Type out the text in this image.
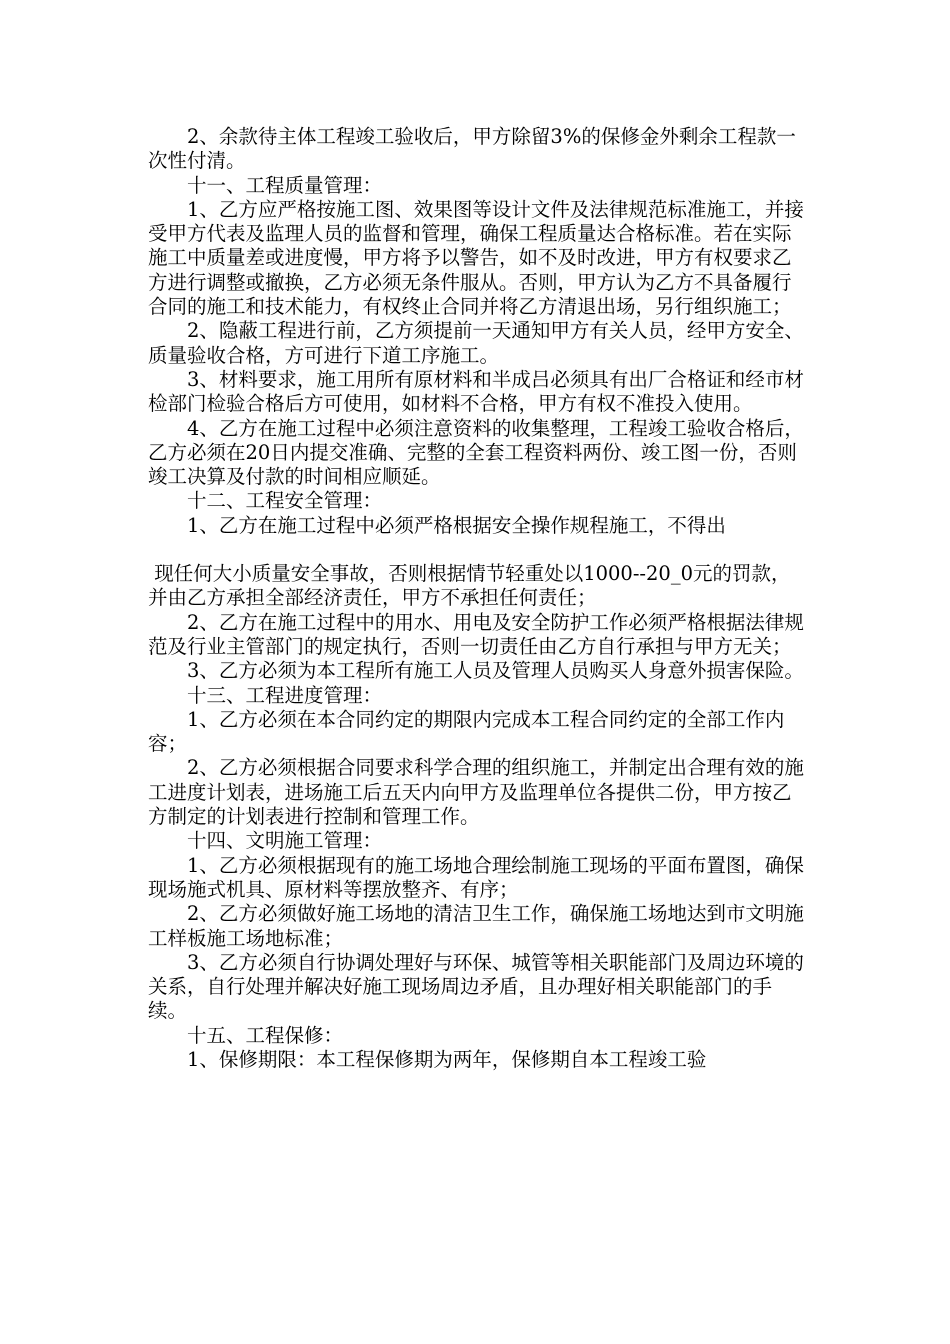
2、余款待主体工程竣工验收后，甲方除留3%的保修金外剩余工程款一次性付清。

十一、工程质量管理：

1、乙方应严格按施工图、效果图等设计文件及法律规范标准施工，并接受甲方代表及监理人员的监督和管理，确保工程质量达合格标准。若在实际施工中质量差或进度慢，甲方将予以警告，如不及时改进，甲方有权要求乙方进行调整或撤换，乙方必须无条件服从。否则，甲方认为乙方不具备履行合同的施工和技术能力，有权终止合同并将乙方清退出场，另行组织施工；

2、隐蔽工程进行前，乙方须提前一天通知甲方有关人员，经甲方安全、质量验收合格，方可进行下道工序施工。

3、材料要求，施工用所有原材料和半成吕必须具有出厂合格证和经市材检部门检验合格后方可使用，如材料不合格，甲方有权不准投入使用。

4、乙方在施工过程中必须注意资料的收集整理，工程竣工验收合格后，乙方必须在20日内提交准确、完整的全套工程资料两份、竣工图一份，否则竣工决算及付款的时间相应顺延。

十二、工程安全管理：

1、乙方在施工过程中必须严格根据安全操作规程施工，不得出

现任何大小质量安全事故，否则根据情节轻重处以1000--20_0元的罚款，并由乙方承担全部经济责任，甲方不承担任何责任；

2、乙方在施工过程中的用水、用电及安全防护工作必须严格根据法律规范及行业主管部门的规定执行，否则一切责任由乙方自行承担与甲方无关；

3、乙方必须为本工程所有施工人员及管理人员购买人身意外损害保险。

十三、工程进度管理：

1、乙方必须在本合同约定的期限内完成本工程合同约定的全部工作内容；

2、乙方必须根据合同要求科学合理的组织施工，并制定出合理有效的施工进度计划表，进场施工后五天内向甲方及监理单位各提供二份，甲方按乙方制定的计划表进行控制和管理工作。

十四、文明施工管理：

1、乙方必须根据现有的施工场地合理绘制施工现场的平面布置图，确保现场施式机具、原材料等摆放整齐、有序；

2、乙方必须做好施工场地的清洁卫生工作，确保施工场地达到市文明施工样板施工场地标准；

3、乙方必须自行协调处理好与环保、城管等相关职能部门及周边环境的关系，自行处理并解决好施工现场周边矛盾，且办理好相关职能部门的手续。

十五、工程保修：

1、保修期限：本工程保修期为两年，保修期自本工程竣工验
